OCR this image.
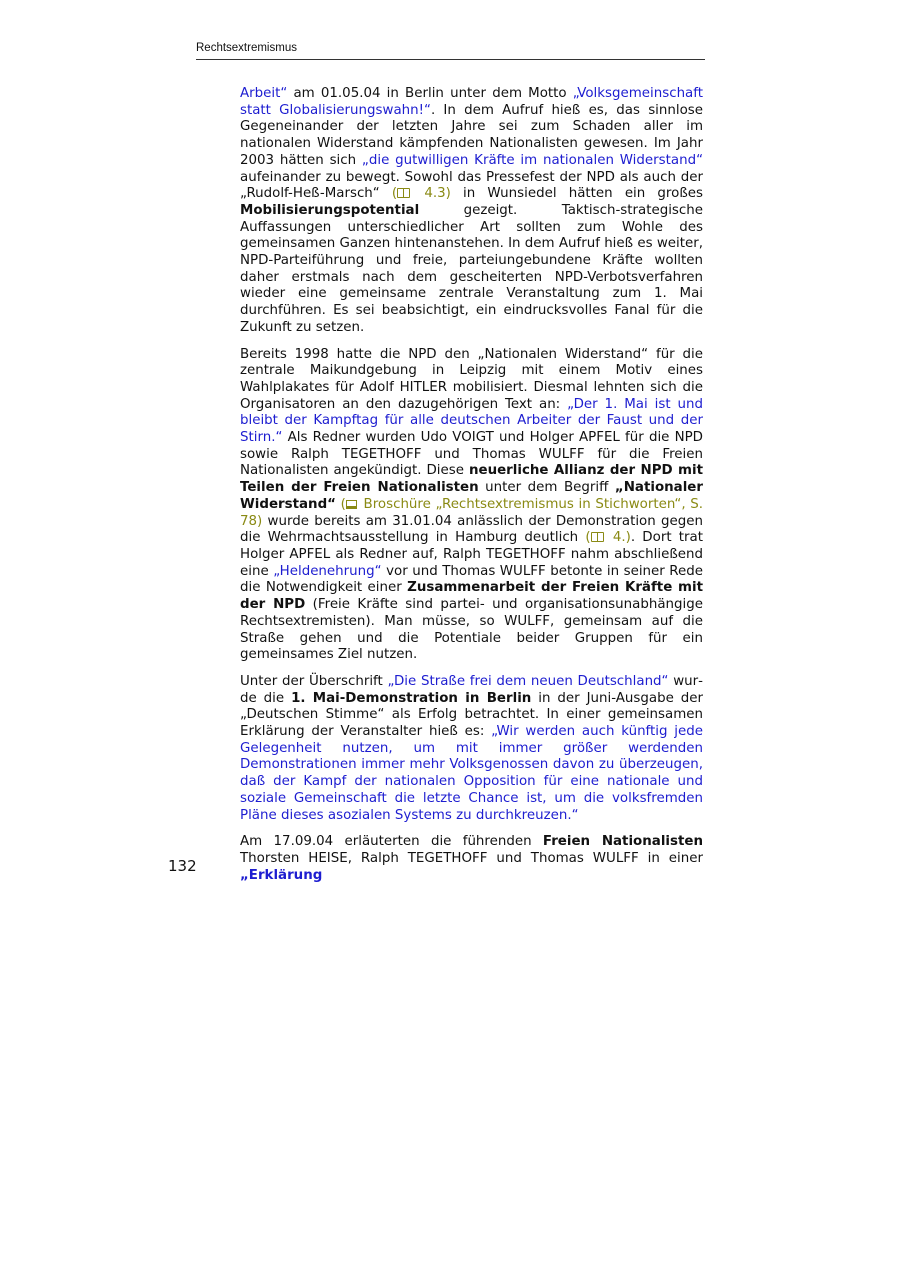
Rechtsextremismus

Arbeit“ am 01.05.04 in Berlin unter dem Motto „Volksgemeinschaft statt Globalisierungswahn!“. In dem Aufruf hieß es, das sinnlose Gegeneinander der letzten Jahre sei zum Schaden aller im nationalen Widerstand kämpfenden Nationalisten gewesen. Im Jahr 2003 hätten sich „die gutwilligen Kräfte im nationalen Widerstand“ aufeinander zu bewegt. Sowohl das Pressefest der NPD als auch der „Rudolf-Heß-Marsch“ ( 4.3) in Wunsiedel hätten ein großes Mobilisierungspotential gezeigt. Taktisch-strategische Auffassungen unterschiedlicher Art sollten zum Wohle des gemeinsamen Ganzen hintenanstehen. In dem Aufruf hieß es weiter, NPD-Parteiführung und freie, parteiungebundene Kräfte wollten daher erstmals nach dem gescheiterten NPD-Verbotsverfahren wieder eine gemeinsame zentrale Veranstaltung zum 1. Mai durchführen. Es sei beabsichtigt, ein eindrucksvolles Fanal für die Zukunft zu setzen.

Bereits 1998 hatte die NPD den „Nationalen Widerstand“ für die zentrale Maikundgebung in Leipzig mit einem Motiv eines Wahlplakates für Adolf HITLER mobilisiert. Diesmal lehnten sich die Organisatoren an den dazugehörigen Text an: „Der 1. Mai ist und bleibt der Kampftag für alle deutschen Arbeiter der Faust und der Stirn.“ Als Redner wurden Udo VOIGT und Holger APFEL für die NPD sowie Ralph TEGETHOFF und Thomas WULFF für die Freien Nationalisten angekündigt. Diese neuerliche Allianz der NPD mit Teilen der Freien Nationalisten unter dem Begriff „Nationaler Widerstand“ ( Broschüre „Rechtsextremismus in Stichworten“, S. 78) wurde bereits am 31.01.04 anlässlich der Demonstration gegen die Wehrmachtsausstellung in Hamburg deutlich ( 4.). Dort trat Holger APFEL als Redner auf, Ralph TEGETHOFF nahm abschließend eine „Heldenehrung“ vor und Thomas WULFF betonte in seiner Rede die Notwendigkeit einer Zusammenarbeit der Freien Kräfte mit der NPD (Freie Kräfte sind partei- und organisationsunabhängige Rechtsextremisten). Man müsse, so WULFF, gemeinsam auf die Straße gehen und die Potentiale beider Gruppen für ein gemeinsames Ziel nutzen.

Unter der Überschrift „Die Straße frei dem neuen Deutschland“ wurde die 1. Mai-Demonstration in Berlin in der Juni-Ausgabe der „Deutschen Stimme“ als Erfolg betrachtet. In einer gemeinsamen Erklärung der Veranstalter hieß es: „Wir werden auch künftig jede Gelegenheit nutzen, um mit immer größer werdenden Demonstrationen immer mehr Volksgenossen davon zu überzeugen, daß der Kampf der nationalen Opposition für eine nationale und soziale Gemeinschaft die letzte Chance ist, um die volksfremden Pläne dieses asozialen Systems zu durchkreuzen.“

Am 17.09.04 erläuterten die führenden Freien Nationalisten Thorsten HEISE, Ralph TEGETHOFF und Thomas WULFF in einer „Erklärung

132
